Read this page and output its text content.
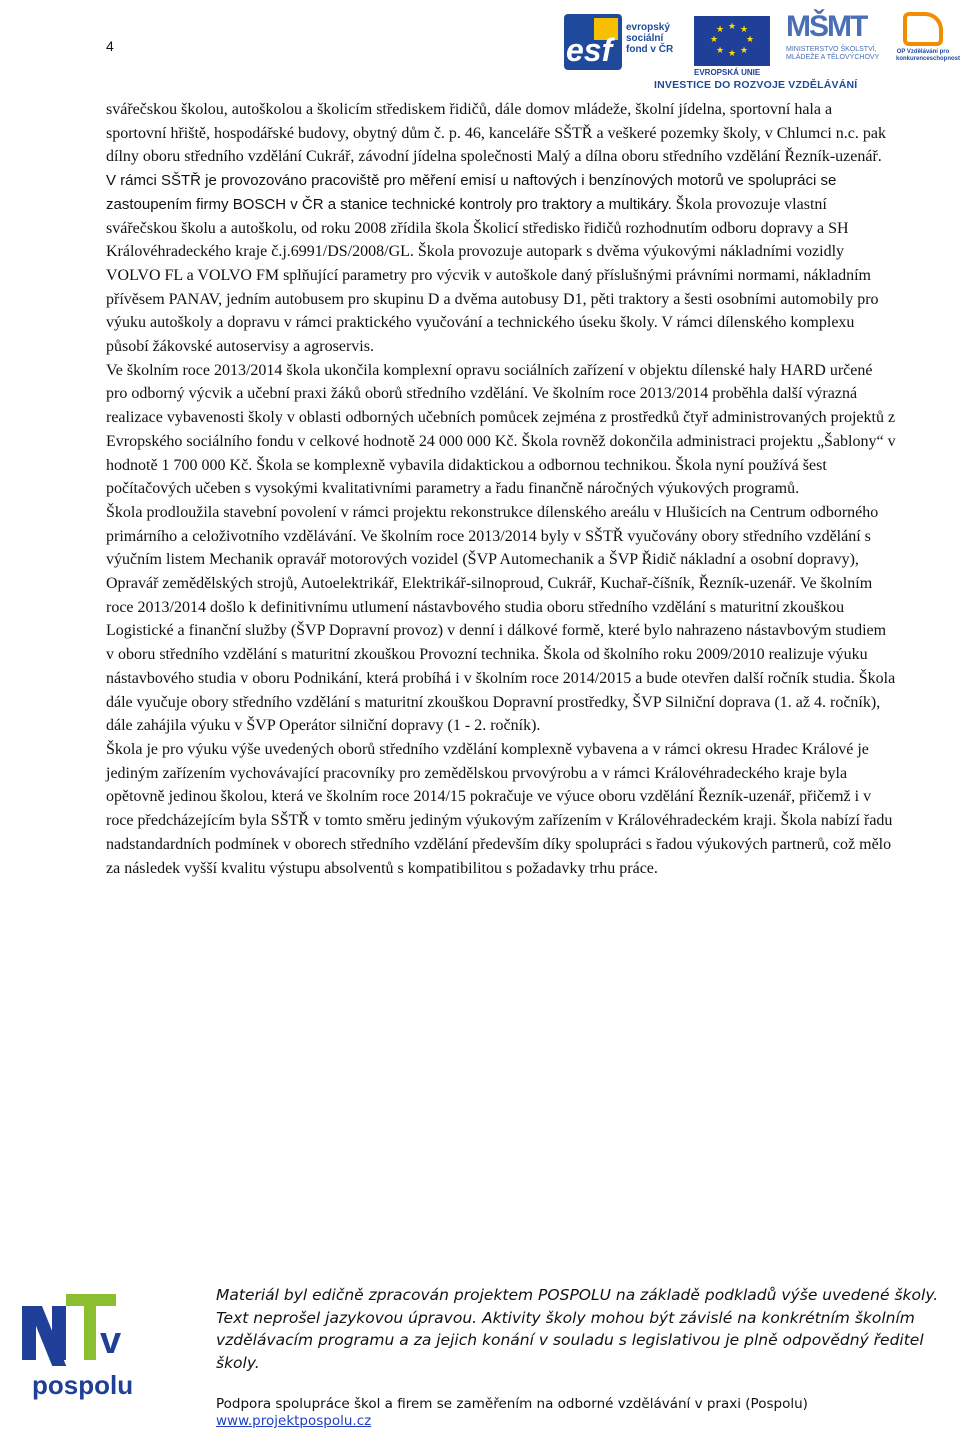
4	esf
evropský sociální fond v ČR
★ ★
★
★
★
★
★
★
EVROPSKÁ UNIE
MŠMT
MINISTERSTVO ŠKOLSTVÍ, MLÁDEŽE A TĚLOVÝCHOVY
OP Vzdělávání pro konkurenceschopnost
INVESTICE DO ROZVOJE VZDĚLÁVÁNÍ

svářečskou školou, autoškolou a školicím střediskem řidičů, dále domov mládeže, školní jídelna, sportovní hala a sportovní hřiště, hospodářské budovy, obytný dům č. p. 46, kanceláře SŠTŘ a veškeré pozemky školy, v Chlumci n.c. pak dílny oboru středního vzdělání Cukrář, závodní jídelna společnosti Malý a dílna oboru středního vzdělání Řezník-uzenář.

V rámci SŠTŘ je provozováno pracoviště pro měření emisí u naftových i benzínových motorů ve spolupráci se zastoupením firmy BOSCH v ČR a stanice technické kontroly pro traktory a multikáry. Škola provozuje vlastní svářečskou školu a autoškolu, od roku 2008 zřídila škola Školicí středisko řidičů rozhodnutím odboru dopravy a SH Královéhradeckého kraje č.j.6991/DS/2008/GL. Škola provozuje autopark s dvěma výukovými nákladními vozidly VOLVO FL a VOLVO FM splňující parametry pro výcvik v autoškole daný příslušnými právními normami, nákladním přívěsem PANAV, jedním autobusem pro skupinu D a dvěma autobusy D1, pěti traktory a šesti osobními automobily pro výuku autoškoly a dopravu v rámci praktického vyučování a technického úseku školy. V rámci dílenského komplexu působí žákovské autoservisy a agroservis.

Ve školním roce 2013/2014 škola ukončila komplexní opravu sociálních zařízení v objektu dílenské haly HARD určené pro odborný výcvik a učební praxi žáků oborů středního vzdělání. Ve školním roce 2013/2014 proběhla další výrazná realizace vybavenosti školy v oblasti odborných učebních pomůcek zejména z prostředků čtyř administrovaných projektů z Evropského sociálního fondu v celkové hodnotě 24 000 000 Kč. Škola rovněž dokončila administraci projektu „Šablony“ v hodnotě 1 700 000 Kč. Škola se komplexně vybavila didaktickou a odbornou technikou. Škola nyní používá šest počítačových učeben s vysokými kvalitativními parametry a řadu finančně náročných výukových programů.

Škola prodloužila stavební povolení v rámci projektu rekonstrukce dílenského areálu v Hlušicích na Centrum odborného primárního a celoživotního vzdělávání. Ve školním roce 2013/2014 byly v SŠTŘ vyučovány obory středního vzdělání s výučním listem Mechanik opravář motorových vozidel (ŠVP Automechanik a ŠVP Řidič nákladní a osobní dopravy), Opravář zemědělských strojů, Autoelektrikář, Elektrikář-silnoproud, Cukrář, Kuchař-číšník, Řezník-uzenář. Ve školním roce 2013/2014 došlo k definitivnímu utlumení nástavbového studia oboru středního vzdělání s maturitní zkouškou Logistické a finanční služby (ŠVP Dopravní provoz) v denní i dálkové formě, které bylo nahrazeno nástavbovým studiem v oboru středního vzdělání s maturitní zkouškou Provozní technika. Škola od školního roku 2009/2010 realizuje výuku nástavbového studia v oboru Podnikání, která probíhá i v školním roce 2014/2015 a bude otevřen další ročník studia. Škola dále vyučuje obory středního vzdělání s maturitní zkouškou Dopravní prostředky, ŠVP Silniční doprava (1. až 4. ročník), dále zahájila výuku v ŠVP Operátor silniční dopravy (1 - 2. ročník).

Škola je pro výuku výše uvedených oborů středního vzdělání komplexně vybavena a v rámci okresu Hradec Králové je jediným zařízením vychovávající pracovníky pro zemědělskou prvovýrobu a v rámci Královéhradeckého kraje byla opětovně jedinou školou, která ve školním roce 2014/15 pokračuje ve výuce oboru vzdělání Řezník-uzenář, přičemž i v roce předcházejícím byla SŠTŘ v tomto směru jediným výukovým zařízením v Královéhradeckém kraji. Škola nabízí řadu nadstandardních podmínek v oborech středního vzdělání především díky spolupráci s řadou výukových partnerů, což mělo za následek vyšší kvalitu výstupu absolventů s kompatibilitou s požadavky trhu práce.

v
pospolu
Materiál byl edičně zpracován projektem POSPOLU na základě podkladů výše uvedené školy. Text neprošel jazykovou úpravou. Aktivity školy mohou být závislé na konkrétním školním vzdělávacím programu a za jejich konání v souladu s legislativou je plně odpovědný ředitel školy.
Podpora spolupráce škol a firem se zaměřením na odborné vzdělávání v praxi (Pospolu)
www.projektpospolu.cz
